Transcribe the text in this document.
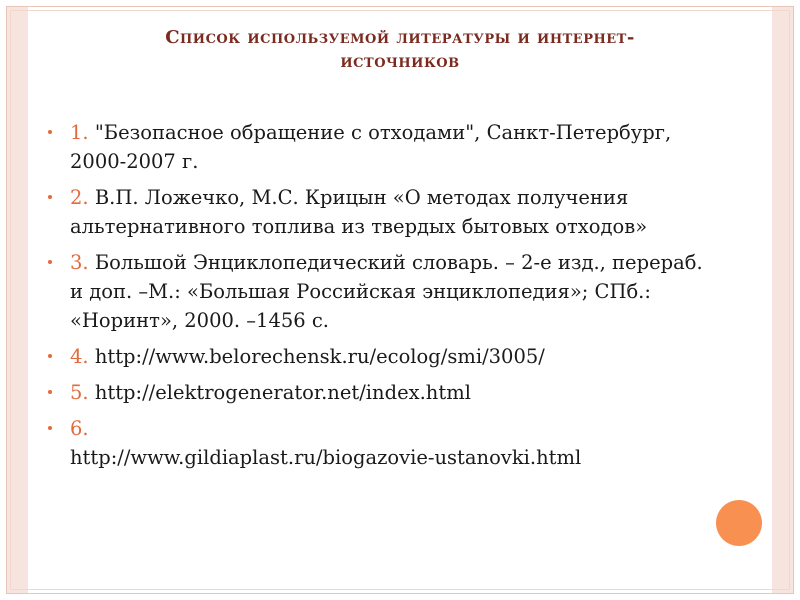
Список используемой литературы и интернет-
источников
1. "Безопасное обращение с отходами", Санкт-Петербург, 2000-2007 г.
2. В.П. Ложечко, М.С. Крицын «О методах получения альтернативного топлива из твердых бытовых отходов»
3. Большой Энциклопедический словарь. – 2-е изд., перераб. и доп. –М.: «Большая Российская энциклопедия»; СПб.: «Норинт», 2000. –1456 с.
4. http://www.belorechensk.ru/ecolog/smi/3005/
5. http://elektrogenerator.net/index.html
6.
http://www.gildiaplast.ru/biogazovie-ustanovki.html
